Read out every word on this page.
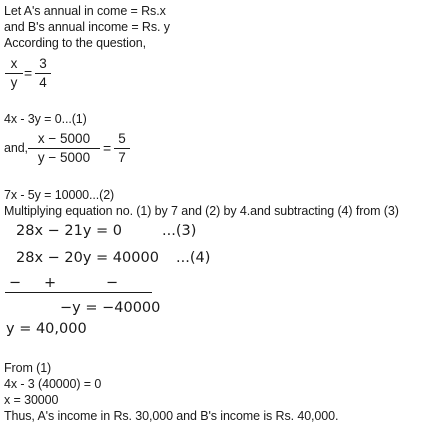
Let A's annual in come = Rs.x
and B's annual income = Rs. y
According to the question,
$\frac{x}{y} = \frac{3}{4}$
4x - 3y = 0...(1)
and, $\frac{x - 5000}{y - 5000} = \frac{5}{7}$
7x - 5y = 10000...(2)
Multiplying equation no. (1) by 7 and (2) by 4.and subtracting (4) from (3)
28x − 21y = 0	...(3)
28x − 20y = 40000 ...(4)
− +	−
−y = −40000
y = 40,000
From (1)
4x - 3 (40000) = 0
x = 30000
Thus, A's income in Rs. 30,000 and B's income is Rs. 40,000.
